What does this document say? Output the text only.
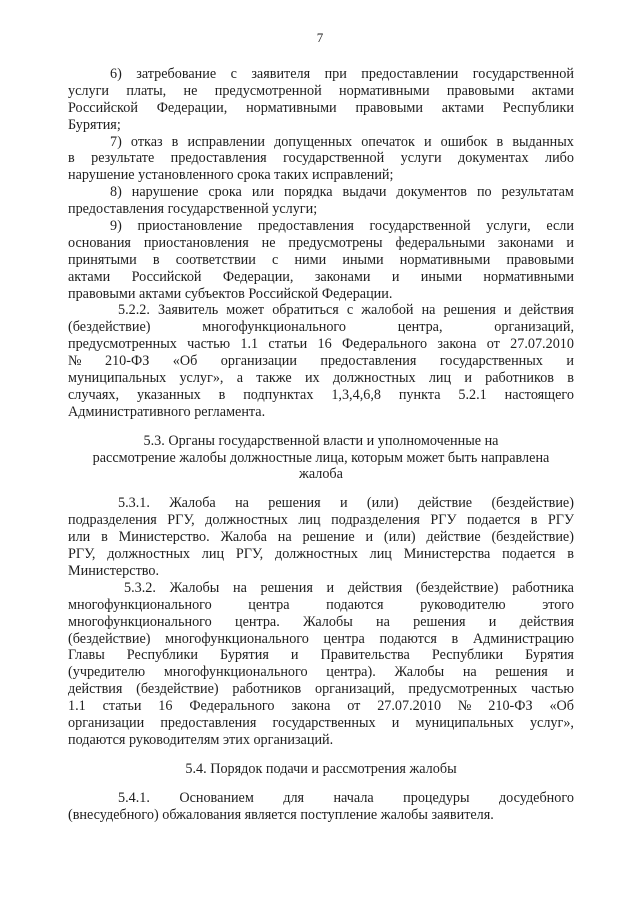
7
6) затребование с заявителя при предоставлении государственной
услуги платы, не предусмотренной нормативными правовыми актами
Российской Федерации, нормативными правовыми актами Республики
Бурятия;
7) отказ в исправлении допущенных опечаток и ошибок в выданных
в результате предоставления государственной услуги документах либо
нарушение установленного срока таких исправлений;
8) нарушение срока или порядка выдачи документов по результатам
предоставления государственной услуги;
9) приостановление предоставления государственной услуги, если
основания приостановления не предусмотрены федеральными законами и
принятыми в соответствии с ними иными нормативными правовыми
актами Российской Федерации, законами и иными нормативными
правовыми актами субъектов Российской Федерации.
5.2.2. Заявитель может обратиться с жалобой на решения и действия
(бездействие)	многофункционального	центра,	организаций,
предусмотренных частью 1.1 статьи 16 Федерального закона от 27.07.2010
№ 210-ФЗ «Об организации предоставления государственных и
муниципальных услуг», а также их должностных лиц и работников в
случаях, указанных в подпунктах 1,3,4,6,8 пункта 5.2.1 настоящего
Административного регламента.
5.3. Органы государственной власти и уполномоченные на
рассмотрение жалобы должностные лица, которым может быть направлена
жалоба
5.3.1. Жалоба на решения и (или) действие (бездействие)
подразделения РГУ, должностных лиц подразделения РГУ подается в РГУ
или в Министерство. Жалоба на решение и (или) действие (бездействие)
РГУ, должностных лиц РГУ, должностных лиц Министерства подается в
Министерство.
5.3.2. Жалобы на решения и действия (бездействие) работника
многофункционального	центра	подаются	руководителю	этого
многофункционального центра. Жалобы на решения и действия
(бездействие) многофункционального центра подаются в Администрацию
Главы Республики Бурятия и Правительства Республики Бурятия
(учредителю многофункционального центра). Жалобы на решения и
действия (бездействие) работников организаций, предусмотренных частью
1.1 статьи 16 Федерального закона от 27.07.2010 № 210-ФЗ «Об
организации предоставления государственных и муниципальных услуг»,
подаются руководителям этих организаций.
5.4. Порядок подачи и рассмотрения жалобы
5.4.1. Основанием для начала процедуры досудебного
(внесудебного) обжалования является поступление жалобы заявителя.
